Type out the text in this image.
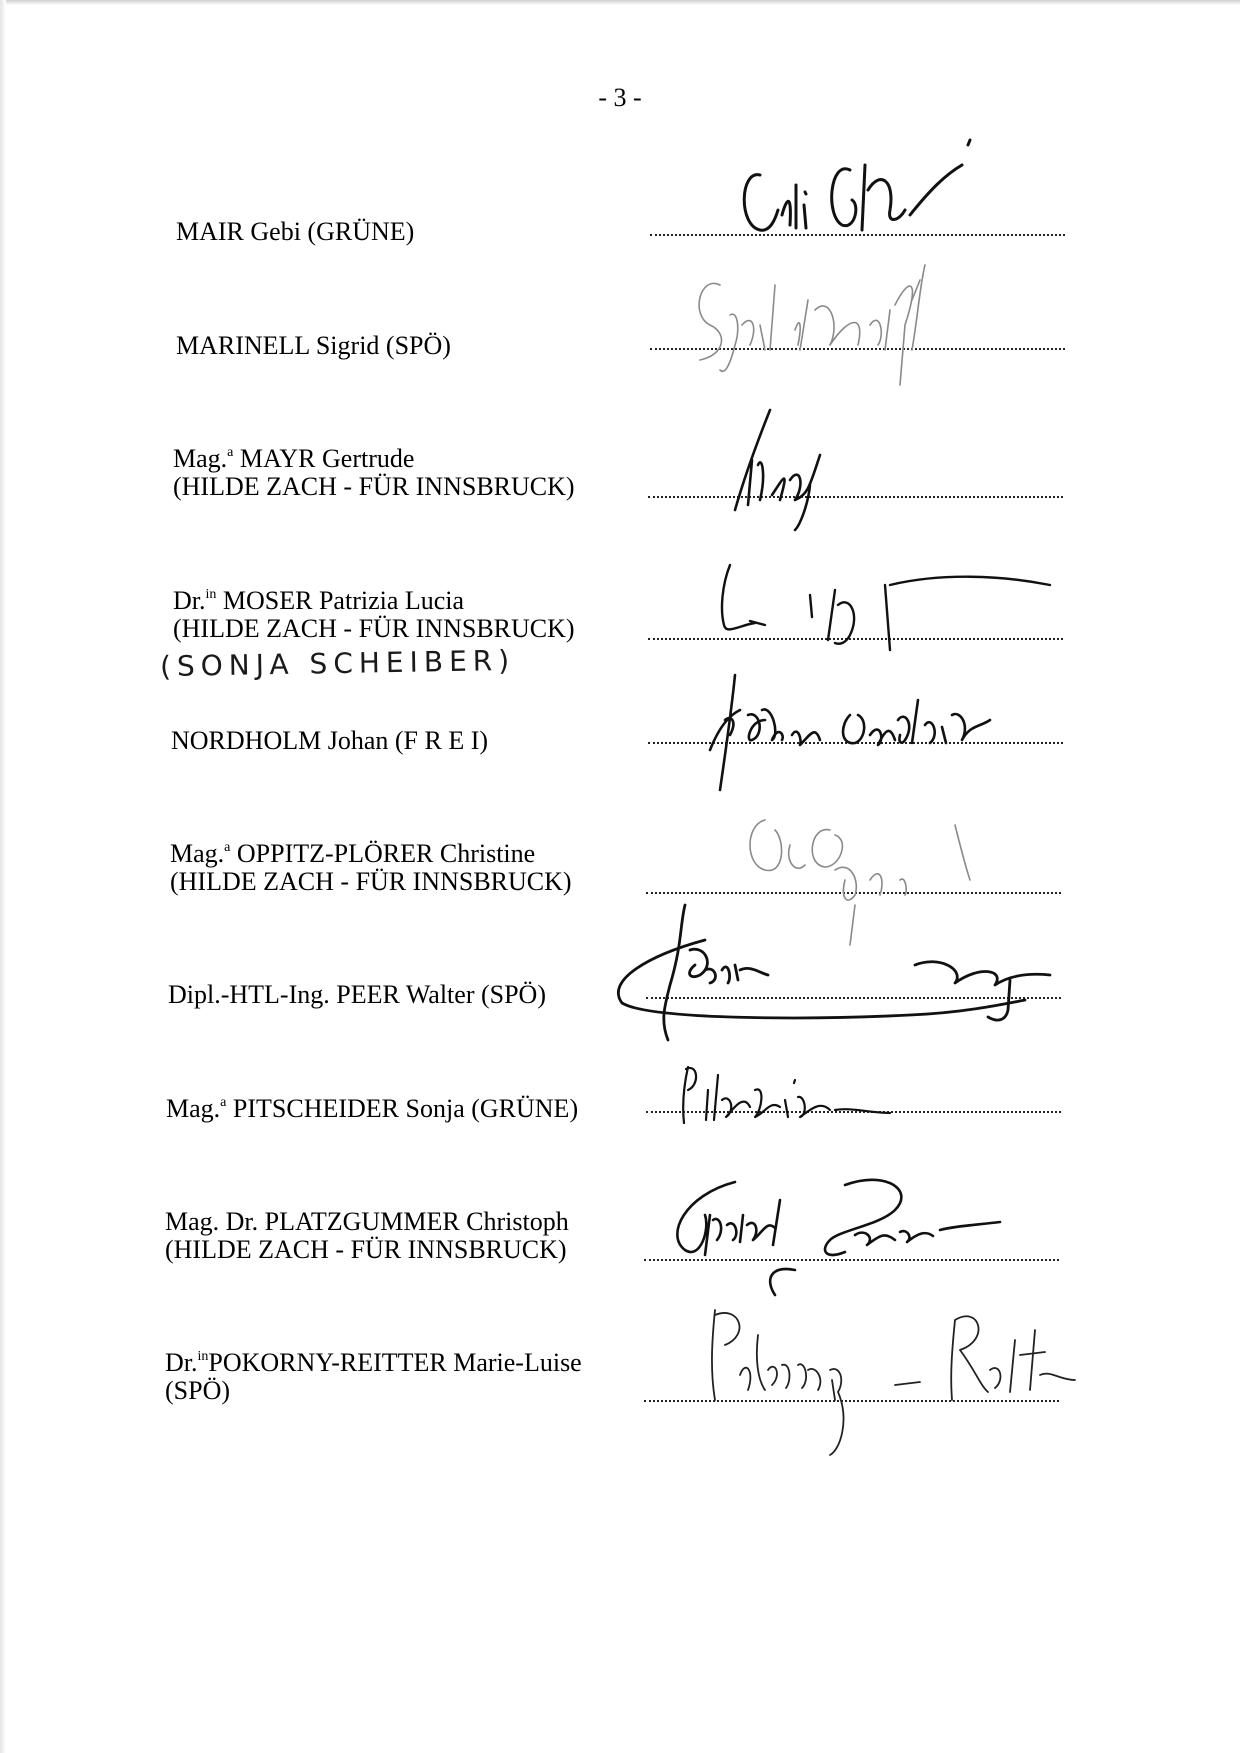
- 3 -
MAIR Gebi (GRÜNE)
MARINELL Sigrid (SPÖ)
Mag.$^a$ MAYR Gertrude
(HILDE ZACH - FÜR INNSBRUCK)
Dr.$^{in}$ MOSER Patrizia Lucia
(HILDE ZACH - FÜR INNSBRUCK)
(SONJA SCHEIBER)
NORDHOLM Johan (F R E I)
Mag.$^a$ OPPITZ-PLÖRER Christine
(HILDE ZACH - FÜR INNSBRUCK)
Dipl.-HTL-Ing. PEER Walter (SPÖ)
Mag.$^a$ PITSCHEIDER Sonja (GRÜNE)
Mag. Dr. PLATZGUMMER Christoph
(HILDE ZACH - FÜR INNSBRUCK)
Dr.$^{in}$POKORNY-REITTER Marie-Luise
(SPÖ)
